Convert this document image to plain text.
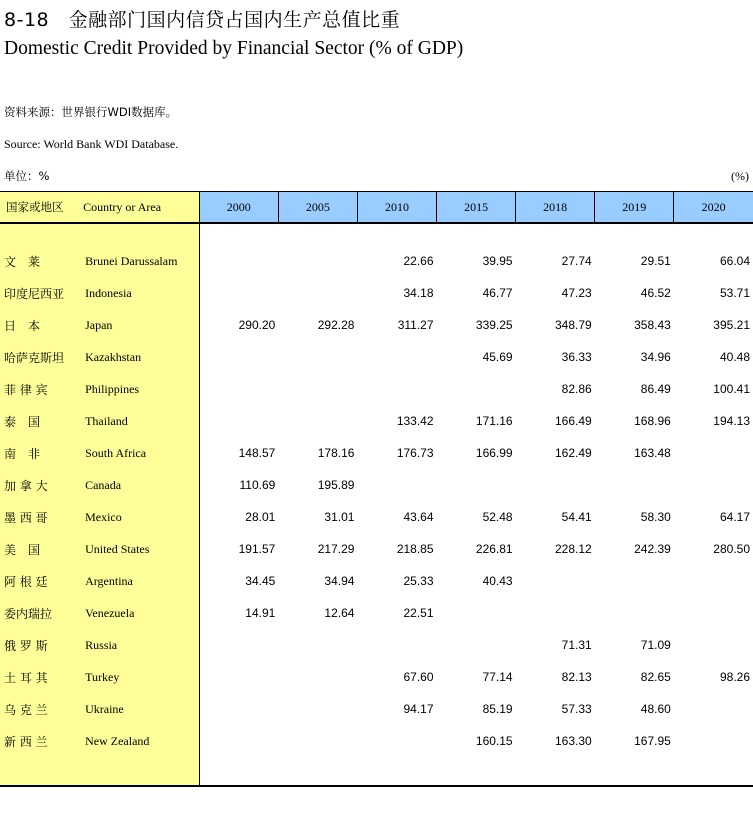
8-18　金融部门国内信贷占国内生产总值比重
Domestic Credit Provided by Financial Sector (% of GDP)
资料来源：世界银行WDI数据库。
Source: World Bank WDI Database.
单位：%	(%)
国家或地区	Country or Area	2000	2005	2010	2015	2018	2019	2020

文　莱	Brunei Darussalam			22.66	39.95	27.74	29.51	66.04
印度尼西亚	Indonesia			34.18	46.77	47.23	46.52	53.71
日　本	Japan	290.20	292.28	311.27	339.25	348.79	358.43	395.21
哈萨克斯坦	Kazakhstan				45.69	36.33	34.96	40.48
菲 律 宾	Philippines					82.86	86.49	100.41
泰　国	Thailand			133.42	171.16	166.49	168.96	194.13
南　非	South Africa	148.57	178.16	176.73	166.99	162.49	163.48	
加 拿 大	Canada	110.69	195.89					
墨 西 哥	Mexico	28.01	31.01	43.64	52.48	54.41	58.30	64.17
美　国	United States	191.57	217.29	218.85	226.81	228.12	242.39	280.50
阿 根 廷	Argentina	34.45	34.94	25.33	40.43			
委内瑞拉	Venezuela	14.91	12.64	22.51				
俄 罗 斯	Russia					71.31	71.09	
土 耳 其	Turkey			67.60	77.14	82.13	82.65	98.26
乌 克 兰	Ukraine			94.17	85.19	57.33	48.60	
新 西 兰	New Zealand				160.15	163.30	167.95	
